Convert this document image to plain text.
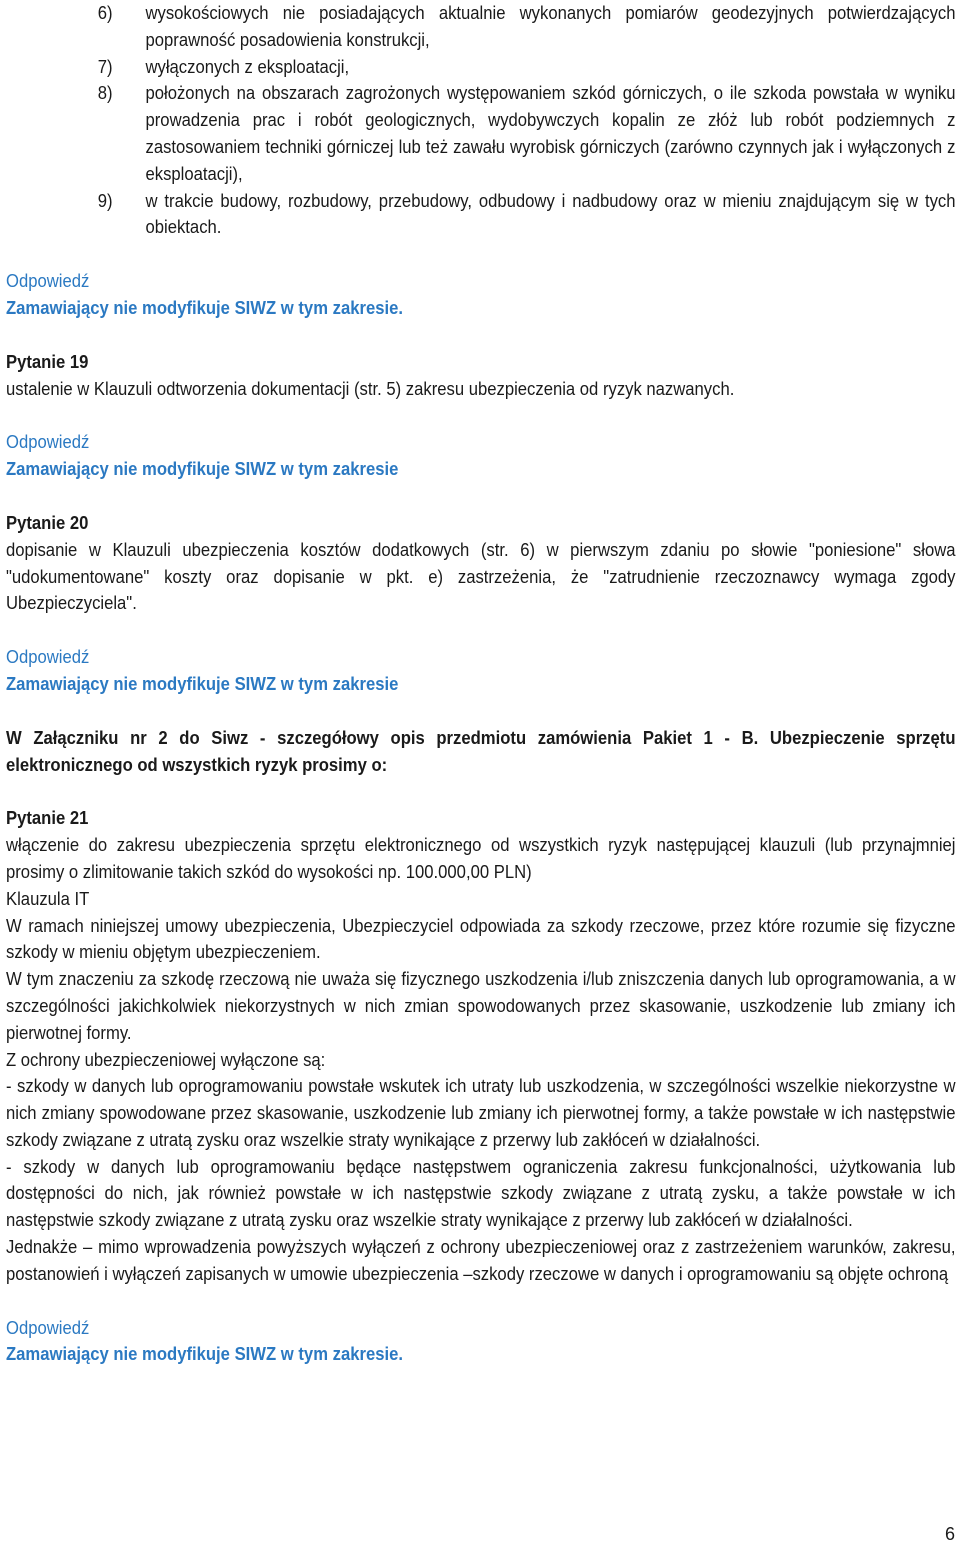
6)	wysokościowych nie posiadających aktualnie wykonanych pomiarów geodezyjnych potwierdzających poprawność posadowienia konstrukcji,
7)	wyłączonych z eksploatacji,
8)	położonych na obszarach zagrożonych występowaniem szkód górniczych, o ile szkoda powstała w wyniku prowadzenia prac i robót geologicznych, wydobywczych kopalin ze złóż lub robót podziemnych z zastosowaniem techniki górniczej lub też zawału wyrobisk górniczych (zarówno czynnych jak i wyłączonych z eksploatacji),
9)	w trakcie budowy, rozbudowy, przebudowy, odbudowy i nadbudowy oraz w mieniu znajdującym się w tych obiektach.
Odpowiedź
Zamawiający nie modyfikuje SIWZ w tym zakresie.
Pytanie 19

ustalenie w Klauzuli odtworzenia dokumentacji (str. 5) zakresu ubezpieczenia od ryzyk nazwanych.

Odpowiedź
Zamawiający nie modyfikuje SIWZ w tym zakresie
Pytanie 20

dopisanie w Klauzuli ubezpieczenia kosztów dodatkowych (str. 6) w pierwszym zdaniu po słowie "poniesione" słowa "udokumentowane" koszty oraz dopisanie w pkt. e) zastrzeżenia, że "zatrudnienie rzeczoznawcy wymaga zgody Ubezpieczyciela".

Odpowiedź
Zamawiający nie modyfikuje SIWZ w tym zakresie

W Załączniku nr 2 do Siwz - szczegółowy opis przedmiotu zamówienia Pakiet 1 - B. Ubezpieczenie sprzętu elektronicznego od wszystkich ryzyk prosimy o:

Pytanie 21

włączenie do zakresu ubezpieczenia sprzętu elektronicznego od wszystkich ryzyk następującej klauzuli (lub przynajmniej prosimy o zlimitowanie takich szkód do wysokości np. 100.000,00 PLN)

Klauzula IT

W ramach niniejszej umowy ubezpieczenia, Ubezpieczyciel odpowiada za szkody rzeczowe, przez które rozumie się fizyczne szkody w mieniu objętym ubezpieczeniem.

W tym znaczeniu za szkodę rzeczową nie uważa się fizycznego uszkodzenia i/lub zniszczenia danych lub oprogramowania, a w szczególności jakichkolwiek niekorzystnych w nich zmian spowodowanych przez skasowanie, uszkodzenie lub zmiany ich pierwotnej formy.

Z ochrony ubezpieczeniowej wyłączone są:

- szkody w danych lub oprogramowaniu powstałe wskutek ich utraty lub uszkodzenia, w szczególności wszelkie niekorzystne w nich zmiany spowodowane przez skasowanie, uszkodzenie lub zmiany ich pierwotnej formy, a także powstałe w ich następstwie szkody związane z utratą zysku oraz wszelkie straty wynikające z przerwy lub zakłóceń w działalności.

- szkody w danych lub oprogramowaniu będące następstwem ograniczenia zakresu funkcjonalności, użytkowania lub dostępności do nich, jak również powstałe w ich następstwie szkody związane z utratą zysku, a także powstałe w ich następstwie szkody związane z utratą zysku oraz wszelkie straty wynikające z przerwy lub zakłóceń w działalności.

Jednakże – mimo wprowadzenia powyższych wyłączeń z ochrony ubezpieczeniowej oraz z zastrzeżeniem warunków, zakresu, postanowień i wyłączeń zapisanych w umowie ubezpieczenia –szkody rzeczowe w danych i oprogramowaniu są objęte ochroną

Odpowiedź
Zamawiający nie modyfikuje SIWZ w tym zakresie.
6
